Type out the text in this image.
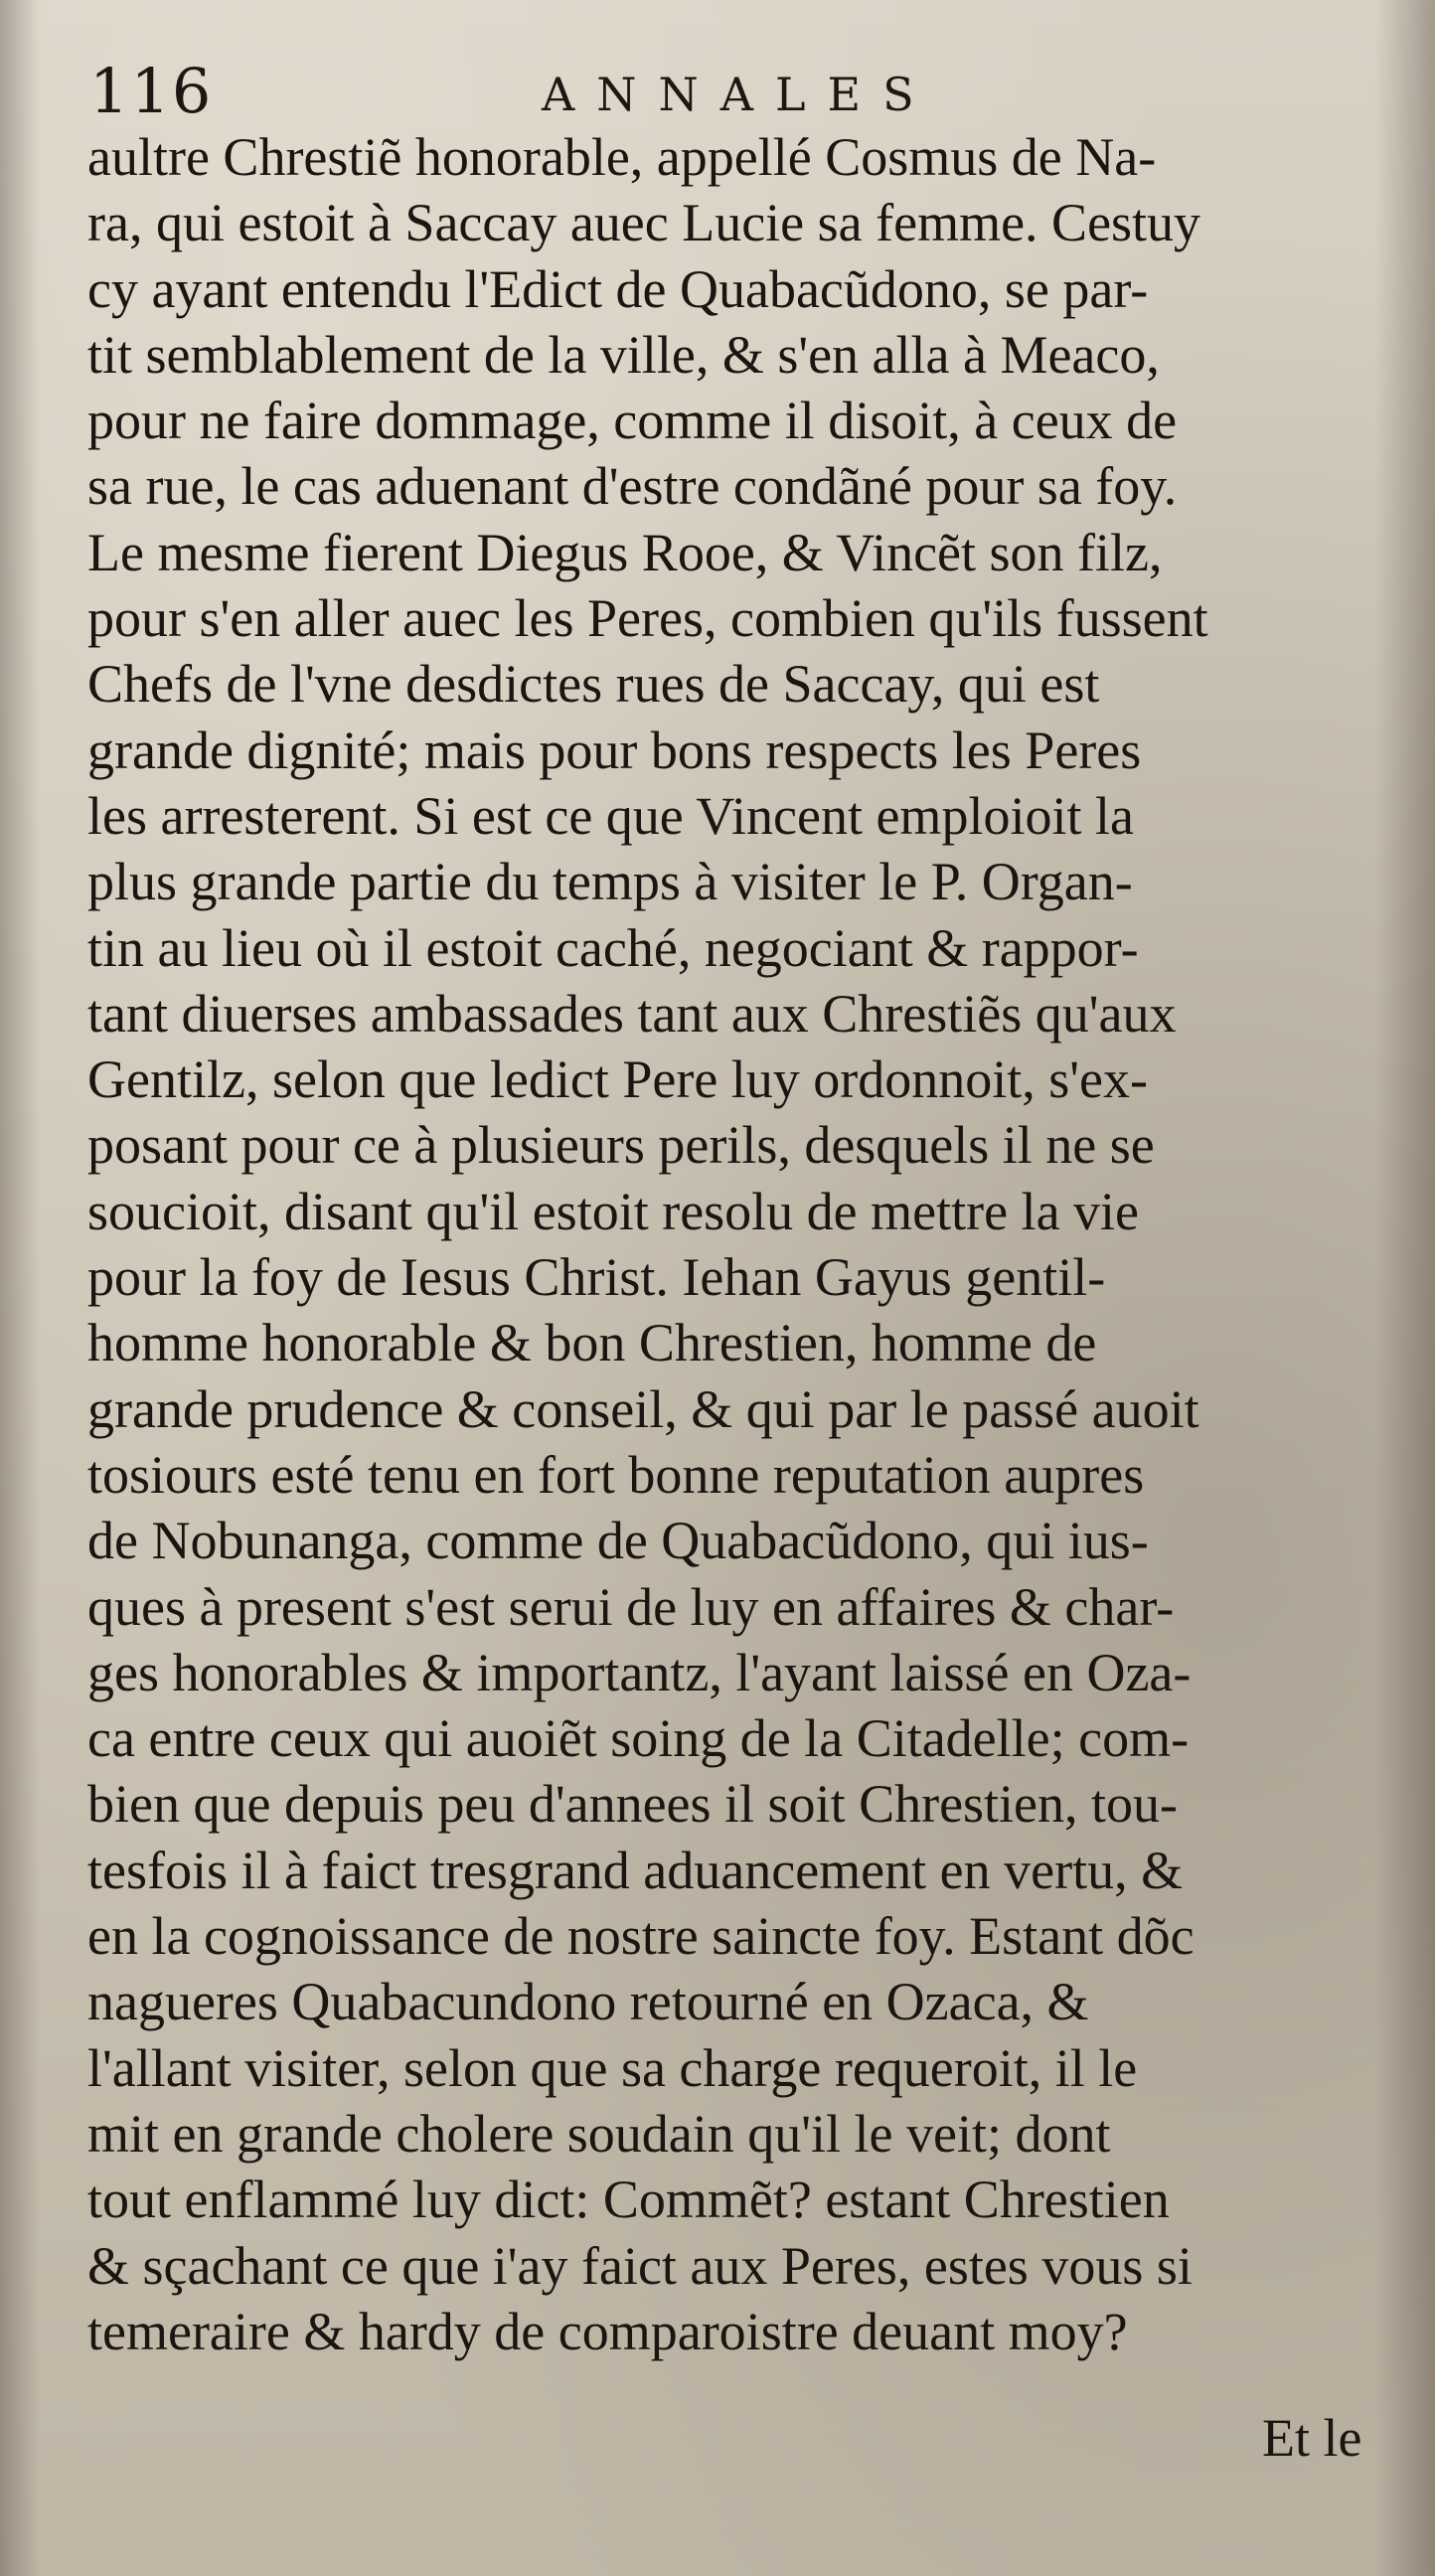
116	ANNALES
aultre Chrestiẽ honorable, appellé Cosmus de Na-
ra, qui estoit à Saccay auec Lucie sa femme. Cestuy
cy ayant entendu l'Edict de Quabacũdono, se par-
tit semblablement de la ville, & s'en alla à Meaco,
pour ne faire dommage, comme il disoit, à ceux de
sa rue, le cas aduenant d'estre condãné pour sa foy.
Le mesme fierent Diegus Rooe, & Vincẽt son filz,
pour s'en aller auec les Peres, combien qu'ils fussent
Chefs de l'vne desdictes rues de Saccay, qui est
grande dignité; mais pour bons respects les Peres
les arresterent. Si est ce que Vincent emploioit la
plus grande partie du temps à visiter le P. Organ-
tin au lieu où il estoit caché, negociant & rappor-
tant diuerses ambassades tant aux Chrestiẽs qu'aux
Gentilz, selon que ledict Pere luy ordonnoit, s'ex-
posant pour ce à plusieurs perils, desquels il ne se
soucioit, disant qu'il estoit resolu de mettre la vie
pour la foy de Iesus Christ. Iehan Gayus gentil-
homme honorable & bon Chrestien, homme de
grande prudence & conseil, & qui par le passé auoit
tosiours esté tenu en fort bonne reputation aupres
de Nobunanga, comme de Quabacũdono, qui ius-
ques à present s'est serui de luy en affaires & char-
ges honorables & importantz, l'ayant laissé en Oza-
ca entre ceux qui auoiẽt soing de la Citadelle; com-
bien que depuis peu d'annees il soit Chrestien, tou-
tesfois il à faict tresgrand aduancement en vertu, &
en la cognoissance de nostre saincte foy. Estant dõc
nagueres Quabacundono retourné en Ozaca, &
l'allant visiter, selon que sa charge requeroit, il le
mit en grande cholere soudain qu'il le veit; dont
tout enflammé luy dict: Commẽt? estant Chrestien
& sçachant ce que i'ay faict aux Peres, estes vous si
temeraire & hardy de comparoistre deuant moy?
Et le
